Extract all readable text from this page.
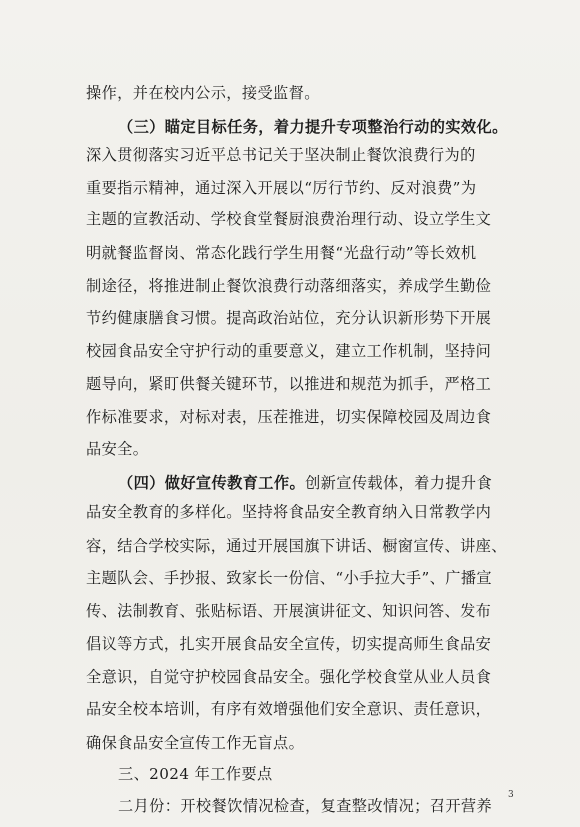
操作，并在校内公示，接受监督。
（三）瞄定目标任务，着力提升专项整治行动的实效化。
深入贯彻落实习近平总书记关于坚决制止餐饮浪费行为的
重要指示精神，通过深入开展以“厉行节约、反对浪费”为
主题的宣教活动、学校食堂餐厨浪费治理行动、设立学生文
明就餐监督岗、常态化践行学生用餐“光盘行动”等长效机
制途径，将推进制止餐饮浪费行动落细落实，养成学生勤俭
节约健康膳食习惯。提高政治站位，充分认识新形势下开展
校园食品安全守护行动的重要意义，建立工作机制，坚持问
题导向，紧盯供餐关键环节，以推进和规范为抓手，严格工
作标准要求，对标对表，压茬推进，切实保障校园及周边食
品安全。
（四）做好宣传教育工作。创新宣传载体，着力提升食
品安全教育的多样化。坚持将食品安全教育纳入日常教学内
容，结合学校实际，通过开展国旗下讲话、橱窗宣传、讲座、
主题队会、手抄报、致家长一份信、“小手拉大手”、广播宣
传、法制教育、张贴标语、开展演讲征文、知识问答、发布
倡议等方式，扎实开展食品安全宣传，切实提高师生食品安
全意识，自觉守护校园食品安全。强化学校食堂从业人员食
品安全校本培训，有序有效增强他们安全意识、责任意识，
确保食品安全宣传工作无盲点。
三、2024 年工作要点
二月份：开校餐饮情况检查，复查整改情况；召开营养
3
